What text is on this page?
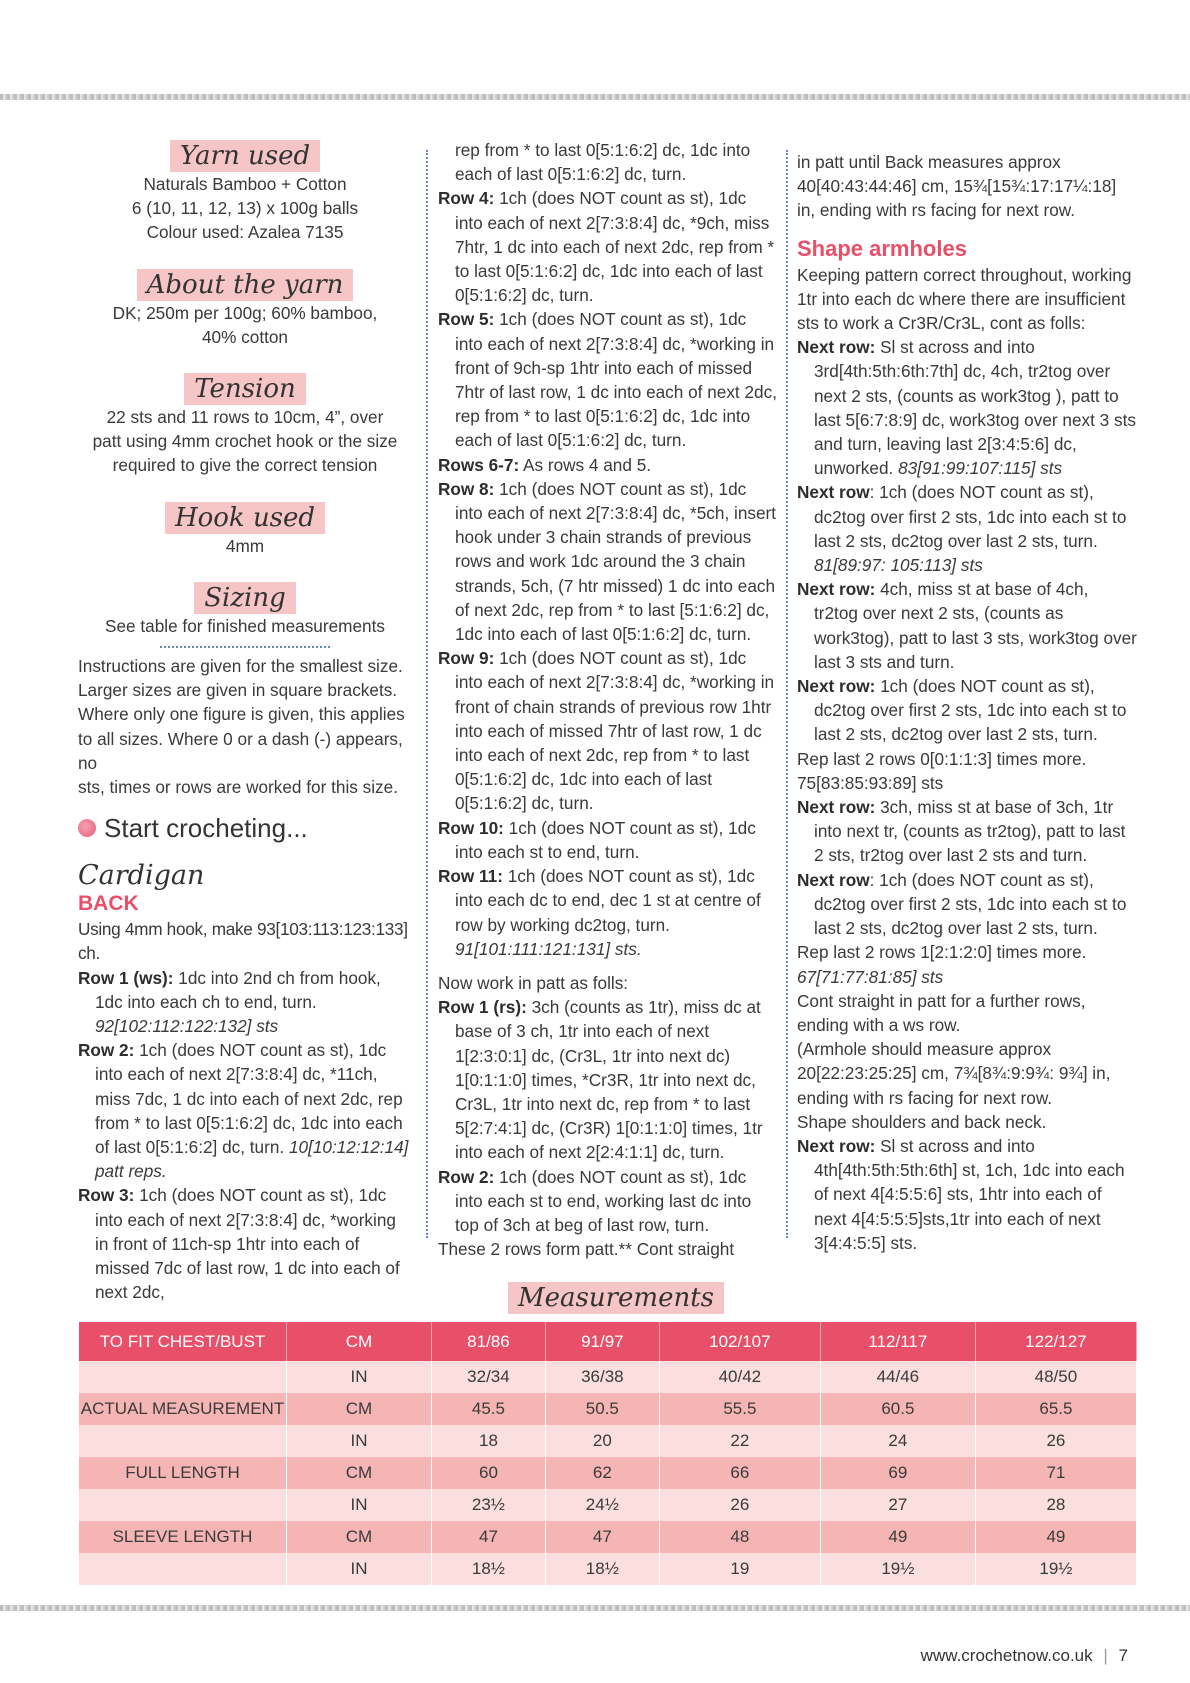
Yarn used

Naturals Bamboo + Cotton

6 (10, 11, 12, 13) x 100g balls

Colour used: Azalea 7135

About the yarn

DK; 250m per 100g; 60% bamboo,

40% cotton

Tension

22 sts and 11 rows to 10cm, 4”, over

patt using 4mm crochet hook or the size

required to give the correct tension

Hook used

4mm

Sizing

See table for finished measurements

Instructions are given for the smallest size.

Larger sizes are given in square brackets.

Where only one figure is given, this applies

to all sizes. Where 0 or a dash (-) appears, no

sts, times or rows are worked for this size.

Start crocheting...

Cardigan

BACK

Using 4mm hook, make 93[103:113:123:133] ch.

Row 1 (ws): 1dc into 2nd ch from hook, 1dc into each ch to end, turn. 92[102:112:122:132] sts

Row 2: 1ch (does NOT count as st), 1dc into each of next 2[7:3:8:4] dc, *11ch, miss 7dc, 1 dc into each of next 2dc, rep from * to last 0[5:1:6:2] dc, 1dc into each of last 0[5:1:6:2] dc, turn. 10[10:12:12:14] patt reps.

Row 3: 1ch (does NOT count as st), 1dc into each of next 2[7:3:8:4] dc, *working in front of 11ch-sp 1htr into each of missed 7dc of last row, 1 dc into each of next 2dc,

rep from * to last 0[5:1:6:2] dc, 1dc into each of last 0[5:1:6:2] dc, turn.

Row 4: 1ch (does NOT count as st), 1dc into each of next 2[7:3:8:4] dc, *9ch, miss 7htr, 1 dc into each of next 2dc, rep from * to last 0[5:1:6:2] dc, 1dc into each of last 0[5:1:6:2] dc, turn.

Row 5: 1ch (does NOT count as st), 1dc into each of next 2[7:3:8:4] dc, *working in front of 9ch-sp 1htr into each of missed 7htr of last row, 1 dc into each of next 2dc, rep from * to last 0[5:1:6:2] dc, 1dc into each of last 0[5:1:6:2] dc, turn.

Rows 6-7: As rows 4 and 5.

Row 8: 1ch (does NOT count as st), 1dc into each of next 2[7:3:8:4] dc, *5ch, insert hook under 3 chain strands of previous rows and work 1dc around the 3 chain strands, 5ch, (7 htr missed) 1 dc into each of next 2dc, rep from * to last [5:1:6:2] dc, 1dc into each of last 0[5:1:6:2] dc, turn.

Row 9: 1ch (does NOT count as st), 1dc into each of next 2[7:3:8:4] dc, *working in front of chain strands of previous row 1htr into each of missed 7htr of last row, 1 dc into each of next 2dc, rep from * to last 0[5:1:6:2] dc, 1dc into each of last 0[5:1:6:2] dc, turn.

Row 10: 1ch (does NOT count as st), 1dc into each st to end, turn.

Row 11: 1ch (does NOT count as st), 1dc into each dc to end, dec 1 st at centre of row by working dc2tog, turn. 91[101:111:121:131] sts.

Now work in patt as folls:

Row 1 (rs): 3ch (counts as 1tr), miss dc at base of 3 ch, 1tr into each of next 1[2:3:0:1] dc, (Cr3L, 1tr into next dc) 1[0:1:1:0] times, *Cr3R, 1tr into next dc, Cr3L, 1tr into next dc, rep from * to last 5[2:7:4:1] dc, (Cr3R) 1[0:1:1:0] times, 1tr into each of next 2[2:4:1:1] dc, turn.

Row 2: 1ch (does NOT count as st), 1dc into each st to end, working last dc into top of 3ch at beg of last row, turn.

These 2 rows form patt.** Cont straight

in patt until Back measures approx 40[40:43:44:46] cm, 15¾[15¾:17:17¼:18] in, ending with rs facing for next row.

Shape armholes

Keeping pattern correct throughout, working 1tr into each dc where there are insufficient sts to work a Cr3R/Cr3L, cont as folls:

Next row: Sl st across and into 3rd[4th:5th:6th:7th] dc, 4ch, tr2tog over next 2 sts, (counts as work3tog ), patt to last 5[6:7:8:9] dc, work3tog over next 3 sts and turn, leaving last 2[3:4:5:6] dc, unworked. 83[91:99:107:115] sts

Next row: 1ch (does NOT count as st), dc2tog over first 2 sts, 1dc into each st to last 2 sts, dc2tog over last 2 sts, turn. 81[89:97: 105:113] sts

Next row: 4ch, miss st at base of 4ch, tr2tog over next 2 sts, (counts as work3tog), patt to last 3 sts, work3tog over last 3 sts and turn.

Next row: 1ch (does NOT count as st), dc2tog over first 2 sts, 1dc into each st to last 2 sts, dc2tog over last 2 sts, turn.

Rep last 2 rows 0[0:1:1:3] times more.

75[83:85:93:89] sts

Next row: 3ch, miss st at base of 3ch, 1tr into next tr, (counts as tr2tog), patt to last 2 sts, tr2tog over last 2 sts and turn.

Next row: 1ch (does NOT count as st), dc2tog over first 2 sts, 1dc into each st to last 2 sts, dc2tog over last 2 sts, turn.

Rep last 2 rows 1[2:1:2:0] times more.

67[71:77:81:85] sts

Cont straight in patt for a further rows, ending with a ws row.

(Armhole should measure approx 20[22:23:25:25] cm, 7¾[8¾:9:9¾: 9¾] in, ending with rs facing for next row.

Shape shoulders and back neck.

Next row: Sl st across and into 4th[4th:5th:5th:6th] st, 1ch, 1dc into each of next 4[4:5:5:6] sts, 1htr into each of next 4[4:5:5:5]sts,1tr into each of next 3[4:4:5:5] sts.

Measurements
TO FIT CHEST/BUST	CM	81/86	91/97	102/107	112/117	122/127
	IN	32/34	36/38	40/42	44/46	48/50
ACTUAL MEASUREMENT	CM	45.5	50.5	55.5	60.5	65.5
	IN	18	20	22	24	26
FULL LENGTH	CM	60	62	66	69	71
	IN	23½	24½	26	27	28
SLEEVE LENGTH	CM	47	47	48	49	49
	IN	18½	18½	19	19½	19½
www.crochetnow.co.uk | 7
